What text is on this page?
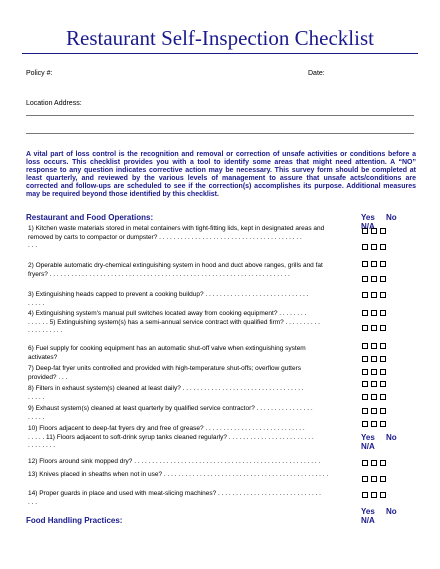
Restaurant Self-Inspection Checklist
Policy #:	Date:
Location Address:
A vital part of loss control is the recognition and removal or correction of unsafe activities or conditions before a loss occurs. This checklist provides you with a tool to identify some areas that might need attention. A “NO” response to any question indicates corrective action may be necessary. This survey form should be completed at least quarterly, and reviewed by the various levels of management to assure that unsafe acts/conditions are corrected and follow-ups are scheduled to see if the correction(s) accomplishes its purpose. Additional measures may be required beyond those identified by this checklist.
Restaurant and Food Operations:	Yes No
N/A
1) Kitchen waste materials stored in metal containers with tight-fitting lids, kept in designated areas and
removed by carts to compactor or dumpster? . . . . . . . . . . . . . . . . . . . . . . . . . . . . . . . . . . . . . . . .
. . .
2) Operable automatic dry-chemical extinguishing system in hood and duct above ranges, grills and fat
fryers? . . . . . . . . . . . . . . . . . . . . . . . . . . . . . . . . . . . . . . . . . . . . . . . . . . . . . . . . . . . . . . . . . . .
3) Extinguishing heads capped to prevent a cooking buildup? . . . . . . . . . . . . . . . . . . . . . . . . . . . . .
. . . . .
4) Extinguishing system's manual pull switches located away from cooking equipment? . . . . . . . .
. . . . . . 5) Extinguishing system(s) has a semi-annual service contract with qualified firm? . . . . . . . . . .
. . . . . . . . . .
6) Fuel supply for cooking equipment has an automatic shut-off valve when extinguishing system
activates?
7) Deep-fat fryer units controlled and provided with high-temperature shut-offs; overflow gutters
provided? . . .
8) Filters in exhaust system(s) cleaned at least daily? . . . . . . . . . . . . . . . . . . . . . . . . . . . . . . . . . .
. . . . .
9) Exhaust system(s) cleaned at least quarterly by qualified service contractor? . . . . . . . . . . . . . . . .
. . . . .
10) Floors adjacent to deep-fat fryers dry and free of grease? . . . . . . . . . . . . . . . . . . . . . . . . . . . .
. . . . . 11) Floors adjacent to soft-drink syrup tanks cleaned regularly? . . . . . . . . . . . . . . . . . . . . . . . .
. . . . . . . .
Yes No
N/A
12) Floors around sink mopped dry? . . . . . . . . . . . . . . . . . . . . . . . . . . . . . . . . . . . . . . . . . . . . . . . . . . . .
13) Knives placed in sheaths when not in use? . . . . . . . . . . . . . . . . . . . . . . . . . . . . . . . . . . . . . . . . . . . . . .
14) Proper guards in place and used with meat-slicing machines? . . . . . . . . . . . . . . . . . . . . . . . . . . . . .
. . .
Food Handling Practices:
Yes No
N/A
